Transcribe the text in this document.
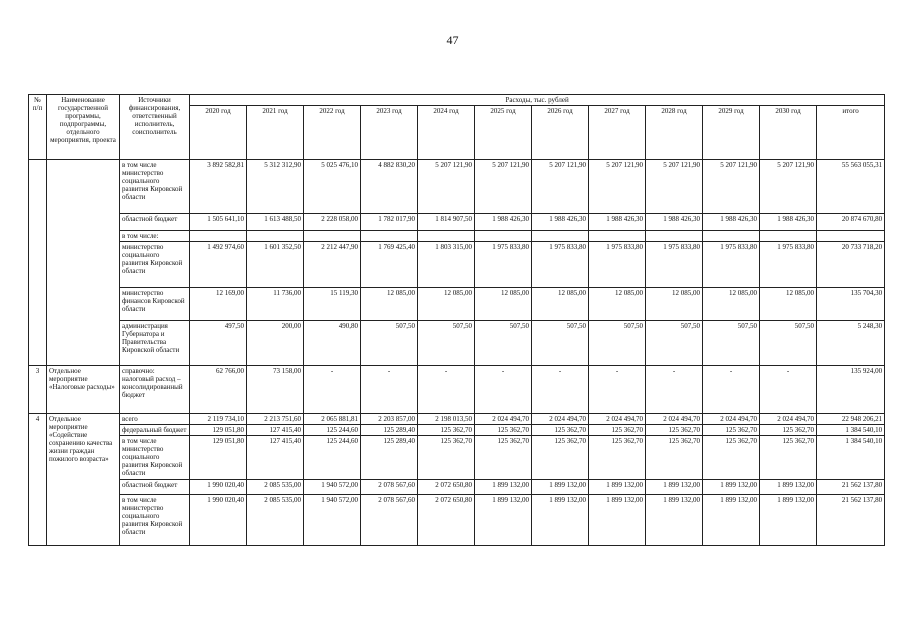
47
№ п/п	Наименование государственной программы, подпрограммы, отдельного мероприятия, проекта	Источники финансирования, ответственный исполнитель, соисполнитель	Расходы, тыс. рублей											
			2020 год	2021 год	2022 год	2023 год	2024 год	2025 год	2026 год	2027 год	2028 год	2029 год	2030 год	итого
		в том числе министерство социального развития Кировской области	3 892 582,81	5 312 312,90	5 025 476,10	4 882 830,20	5 207 121,90	5 207 121,90	5 207 121,90	5 207 121,90	5 207 121,90	5 207 121,90	5 207 121,90	55 563 055,31
		областной бюджет	1 505 641,10	1 613 488,50	2 228 058,00	1 782 017,90	1 814 907,50	1 988 426,30	1 988 426,30	1 988 426,30	1 988 426,30	1 988 426,30	1 988 426,30	20 874 670,80
		в том числе:												
		министерство социального развития Кировской области	1 492 974,60	1 601 352,50	2 212 447,90	1 769 425,40	1 803 315,00	1 975 833,80	1 975 833,80	1 975 833,80	1 975 833,80	1 975 833,80	1 975 833,80	20 733 718,20
		министерство финансов Кировской области	12 169,00	11 736,00	15 119,30	12 085,00	12 085,00	12 085,00	12 085,00	12 085,00	12 085,00	12 085,00	12 085,00	135 704,30
		администрация Губернатора и Правительства Кировской области	497,50	200,00	490,80	507,50	507,50	507,50	507,50	507,50	507,50	507,50	507,50	5 248,30
3	Отдельное мероприятие «Налоговые расходы»	справочно: налоговый расход – консолидированный бюджет	62 766,00	73 158,00	-	-	-	-	-	-	-	-	-	135 924,00
4	Отдельное мероприятие «Содействие сохранению качества жизни граждан пожилого возраста»	всего	2 119 734,10	2 213 751,60	2 065 881,81	2 203 857,00	2 198 013,50	2 024 494,70	2 024 494,70	2 024 494,70	2 024 494,70	2 024 494,70	2 024 494,70	22 948 206,21
		федеральный бюджет	129 051,80	127 415,40	125 244,60	125 289,40	125 362,70	125 362,70	125 362,70	125 362,70	125 362,70	125 362,70	125 362,70	1 384 540,10
		в том числе министерство социального развития Кировской области	129 051,80	127 415,40	125 244,60	125 289,40	125 362,70	125 362,70	125 362,70	125 362,70	125 362,70	125 362,70	125 362,70	1 384 540,10
		областной бюджет	1 990 020,40	2 085 535,00	1 940 572,00	2 078 567,60	2 072 650,80	1 899 132,00	1 899 132,00	1 899 132,00	1 899 132,00	1 899 132,00	1 899 132,00	21 562 137,80
		в том числе министерство социального развития Кировской области	1 990 020,40	2 085 535,00	1 940 572,00	2 078 567,60	2 072 650,80	1 899 132,00	1 899 132,00	1 899 132,00	1 899 132,00	1 899 132,00	1 899 132,00	21 562 137,80
